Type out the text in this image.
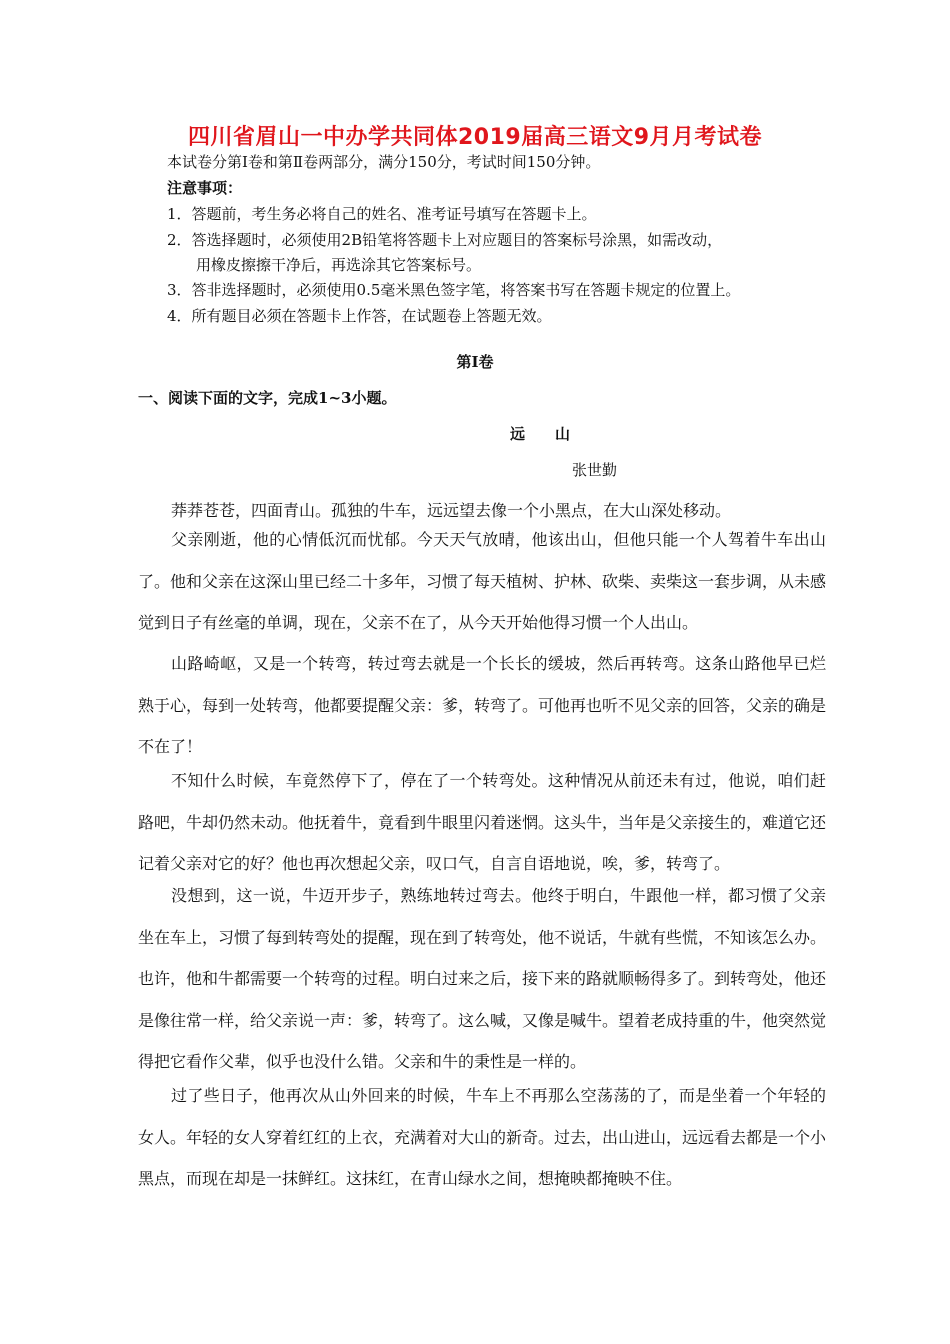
四川省眉山一中办学共同体2019届高三语文9月月考试卷
本试卷分第Ⅰ卷和第Ⅱ卷两部分，满分150分，考试时间150分钟。
注意事项：
1．答题前，考生务必将自己的姓名、准考证号填写在答题卡上。
2．答选择题时，必须使用2B铅笔将答题卡上对应题目的答案标号涂黑，如需改动，
用橡皮擦擦干净后，再选涂其它答案标号。
3．答非选择题时，必须使用0.5毫米黑色签字笔，将答案书写在答题卡规定的位置上。
4．所有题目必须在答题卡上作答，在试题卷上答题无效。
第Ⅰ卷
一、阅读下面的文字，完成1~3小题。
远　　山
张世勤
莽莽苍苍，四面青山。孤独的牛车，远远望去像一个小黑点，在大山深处移动。
父亲刚逝，他的心情低沉而忧郁。今天天气放晴，他该出山，但他只能一个人驾着牛车出山了。他和父亲在这深山里已经二十多年，习惯了每天植树、护林、砍柴、卖柴这一套步调，从未感觉到日子有丝毫的单调，现在，父亲不在了，从今天开始他得习惯一个人出山。
山路崎岖，又是一个转弯，转过弯去就是一个长长的缓坡，然后再转弯。这条山路他早已烂熟于心，每到一处转弯，他都要提醒父亲：爹，转弯了。可他再也听不见父亲的回答，父亲的确是不在了！
不知什么时候，车竟然停下了，停在了一个转弯处。这种情况从前还未有过，他说，咱们赶路吧，牛却仍然未动。他抚着牛，竟看到牛眼里闪着迷惘。这头牛，当年是父亲接生的，难道它还记着父亲对它的好？他也再次想起父亲，叹口气，自言自语地说，唉，爹，转弯了。
没想到，这一说，牛迈开步子，熟练地转过弯去。他终于明白，牛跟他一样，都习惯了父亲坐在车上，习惯了每到转弯处的提醒，现在到了转弯处，他不说话，牛就有些慌，不知该怎么办。也许，他和牛都需要一个转弯的过程。明白过来之后，接下来的路就顺畅得多了。到转弯处，他还是像往常一样，给父亲说一声：爹，转弯了。这么喊，又像是喊牛。望着老成持重的牛，他突然觉得把它看作父辈，似乎也没什么错。父亲和牛的秉性是一样的。
过了些日子，他再次从山外回来的时候，牛车上不再那么空荡荡的了，而是坐着一个年轻的女人。年轻的女人穿着红红的上衣，充满着对大山的新奇。过去，出山进山，远远看去都是一个小黑点，而现在却是一抹鲜红。这抹红，在青山绿水之间，想掩映都掩映不住。
